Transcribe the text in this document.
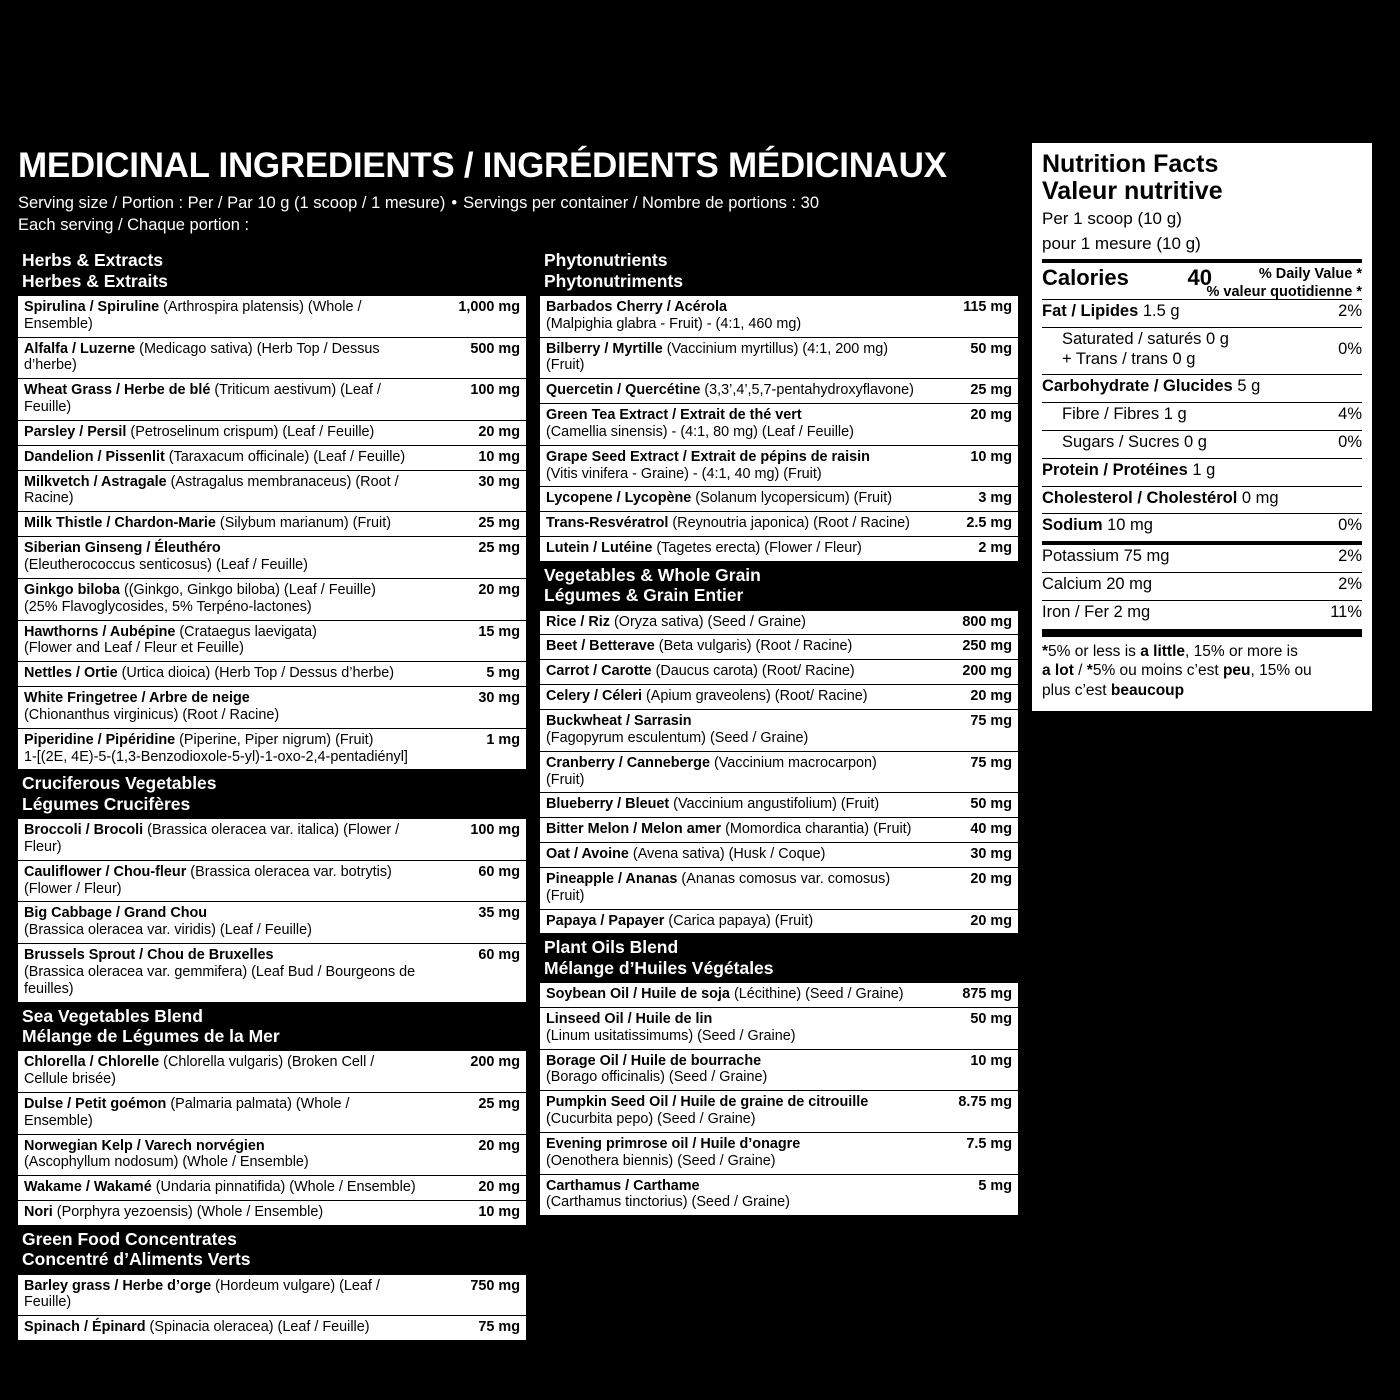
MEDICINAL INGREDIENTS / INGRÉDIENTS MÉDICINAUX
Serving size / Portion : Per / Par 10 g (1 scoop / 1 mesure) • Servings per container / Nombre de portions : 30
Each serving / Chaque portion :
Herbs & Extracts
Herbes & Extraits
Spirulina / Spiruline (Arthrospira platensis) (Whole / Ensemble)	1,000 mg
Alfalfa / Luzerne (Medicago sativa) (Herb Top / Dessus d’herbe)	500 mg
Wheat Grass / Herbe de blé (Triticum aestivum) (Leaf / Feuille)	100 mg
Parsley / Persil (Petroselinum crispum) (Leaf / Feuille)	20 mg
Dandelion / Pissenlit (Taraxacum officinale) (Leaf / Feuille)	10 mg
Milkvetch / Astragale (Astragalus membranaceus) (Root / Racine)	30 mg
Milk Thistle / Chardon-Marie (Silybum marianum) (Fruit)	25 mg
Siberian Ginseng / Éleuthéro
(Eleutherococcus senticosus) (Leaf / Feuille)	25 mg
Ginkgo biloba ((Ginkgo, Ginkgo biloba) (Leaf / Feuille)
(25% Flavoglycosides, 5% Terpéno-lactones)	20 mg
Hawthorns / Aubépine (Crataegus laevigata)
(Flower and Leaf / Fleur et Feuille)	15 mg
Nettles / Ortie (Urtica dioica) (Herb Top / Dessus d’herbe)	5 mg
White Fringetree / Arbre de neige
(Chionanthus virginicus) (Root / Racine)	30 mg
Piperidine / Pipéridine (Piperine, Piper nigrum) (Fruit)
1-[(2E, 4E)-5-(1,3-Benzodioxole-5-yl)-1-oxo-2,4-pentadiényl]	1 mg
Cruciferous Vegetables
Légumes Crucifères
Broccoli / Brocoli (Brassica oleracea var. italica) (Flower / Fleur)	100 mg
Cauliflower / Chou-fleur (Brassica oleracea var. botrytis)
(Flower / Fleur)	60 mg
Big Cabbage / Grand Chou
(Brassica oleracea var. viridis) (Leaf / Feuille)	35 mg
Brussels Sprout / Chou de Bruxelles
(Brassica oleracea var. gemmifera) (Leaf Bud / Bourgeons de feuilles)	60 mg
Sea Vegetables Blend
Mélange de Légumes de la Mer
Chlorella / Chlorelle (Chlorella vulgaris) (Broken Cell / Cellule brisée)	200 mg
Dulse / Petit goémon (Palmaria palmata) (Whole / Ensemble)	25 mg
Norwegian Kelp / Varech norvégien
(Ascophyllum nodosum) (Whole / Ensemble)	20 mg
Wakame / Wakamé (Undaria pinnatifida) (Whole / Ensemble)	20 mg
Nori (Porphyra yezoensis) (Whole / Ensemble)	10 mg
Green Food Concentrates
Concentré d’Aliments Verts
Barley grass / Herbe d’orge (Hordeum vulgare) (Leaf / Feuille)	750 mg
Spinach / Épinard (Spinacia oleracea) (Leaf / Feuille)	75 mg
Phytonutrients
Phytonutriments
Barbados Cherry / Acérola
(Malpighia glabra - Fruit) - (4:1, 460 mg)	115 mg
Bilberry / Myrtille (Vaccinium myrtillus) (4:1, 200 mg) (Fruit)	50 mg
Quercetin / Quercétine (3,3’,4’,5,7-pentahydroxyflavone)	25 mg
Green Tea Extract / Extrait de thé vert
(Camellia sinensis) - (4:1, 80 mg) (Leaf / Feuille)	20 mg
Grape Seed Extract / Extrait de pépins de raisin
(Vitis vinifera - Graine) - (4:1, 40 mg) (Fruit)	10 mg
Lycopene / Lycopène (Solanum lycopersicum) (Fruit)	3 mg
Trans-Resvératrol (Reynoutria japonica) (Root / Racine)	2.5 mg
Lutein / Lutéine (Tagetes erecta) (Flower / Fleur)	2 mg
Vegetables & Whole Grain
Légumes & Grain Entier
Rice / Riz (Oryza sativa) (Seed / Graine)	800 mg
Beet / Betterave (Beta vulgaris) (Root / Racine)	250 mg
Carrot / Carotte (Daucus carota) (Root/ Racine)	200 mg
Celery / Céleri (Apium graveolens) (Root/ Racine)	20 mg
Buckwheat / Sarrasin
(Fagopyrum esculentum) (Seed / Graine)	75 mg
Cranberry / Canneberge (Vaccinium macrocarpon) (Fruit)	75 mg
Blueberry / Bleuet (Vaccinium angustifolium) (Fruit)	50 mg
Bitter Melon / Melon amer (Momordica charantia) (Fruit)	40 mg
Oat / Avoine (Avena sativa) (Husk / Coque)	30 mg
Pineapple / Ananas (Ananas comosus var. comosus) (Fruit)	20 mg
Papaya / Papayer (Carica papaya) (Fruit)	20 mg
Plant Oils Blend
Mélange d’Huiles Végétales
Soybean Oil / Huile de soja (Lécithine) (Seed / Graine)	875 mg
Linseed Oil / Huile de lin
(Linum usitatissimums) (Seed / Graine)	50 mg
Borage Oil / Huile de bourrache
(Borago officinalis) (Seed / Graine)	10 mg
Pumpkin Seed Oil / Huile de graine de citrouille
(Cucurbita pepo) (Seed / Graine)	8.75 mg
Evening primrose oil / Huile d’onagre
(Oenothera biennis) (Seed / Graine)	7.5 mg
Carthamus / Carthame
(Carthamus tinctorius) (Seed / Graine)	5 mg
Nutrition Facts
Valeur nutritive
Per 1 scoop (10 g)
pour 1 mesure (10 g)
% Daily Value *
% valeur quotidienne *
Calories	40
Fat / Lipides 1.5 g	2%
Saturated / saturés 0 g
+ Trans / trans 0 g
0%
Carbohydrate / Glucides 5 g
Fibre / Fibres 1 g	4%
Sugars / Sucres 0 g	0%
Protein / Protéines 1 g
Cholesterol / Cholestérol 0 mg
Sodium 10 mg	0%
Potassium 75 mg	2%
Calcium 20 mg	2%
Iron / Fer 2 mg	11%
*5% or less is a little, 15% or more is
a lot / *5% ou moins c’est peu, 15% ou
plus c’est beaucoup
